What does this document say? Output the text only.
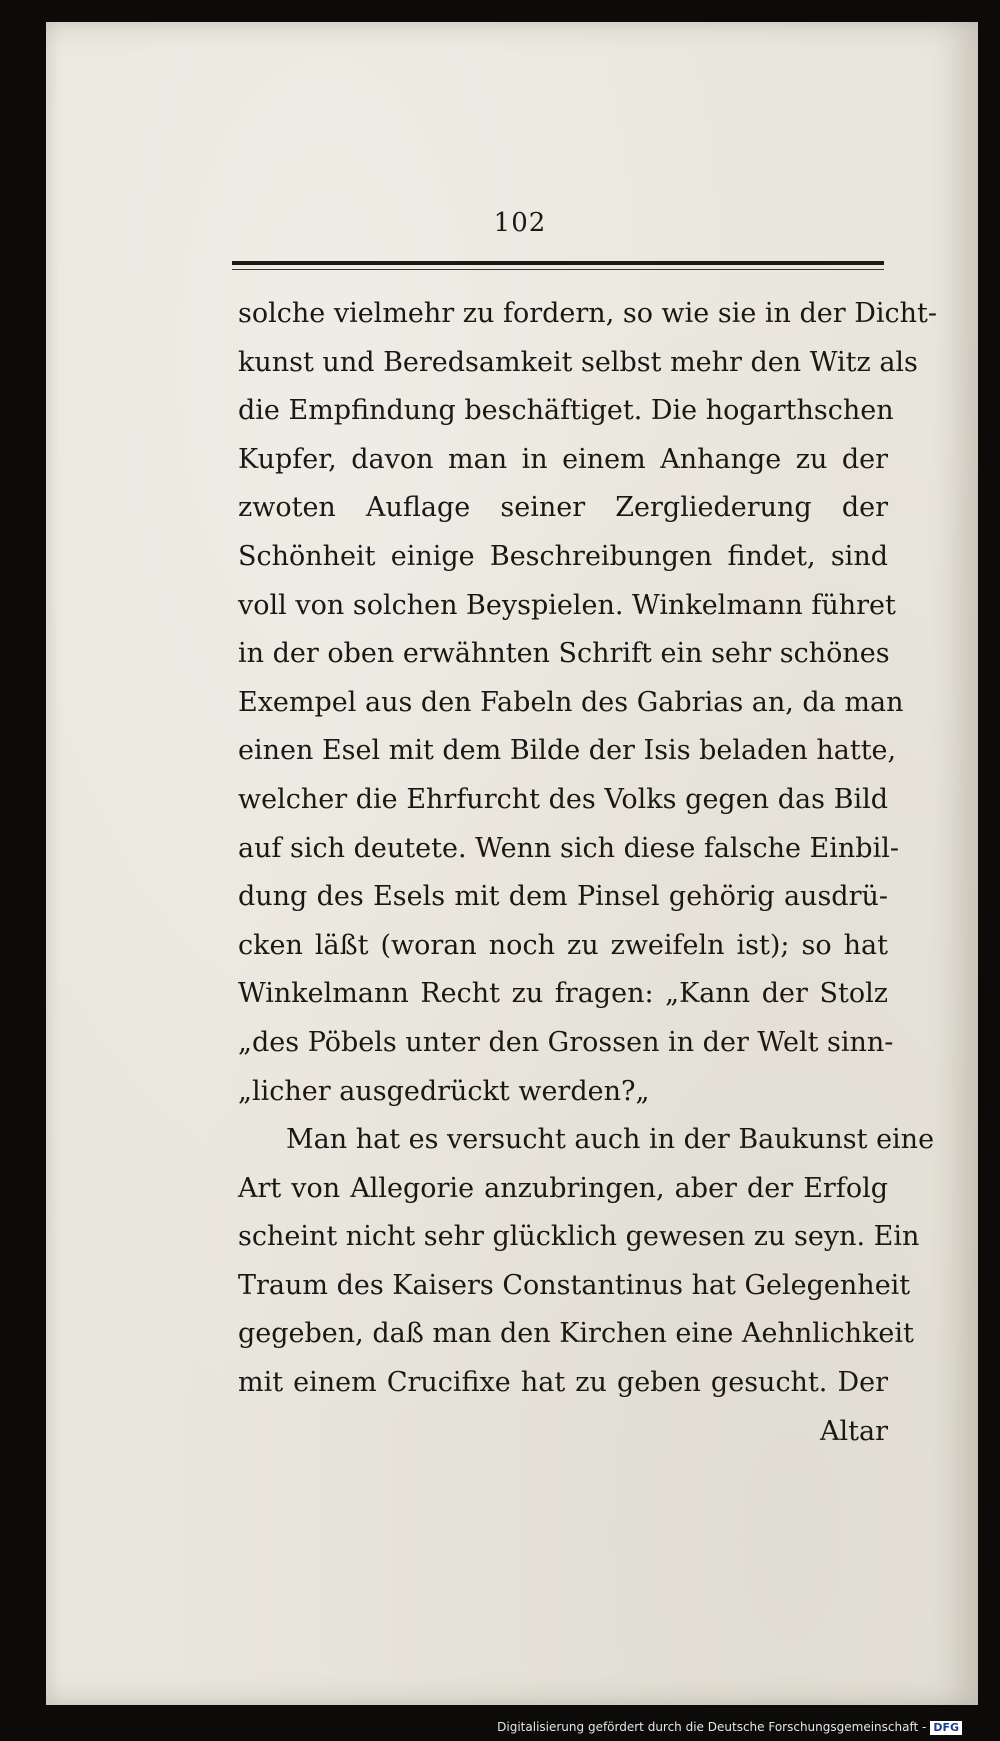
102
solche vielmehr zu fordern, so wie sie in der Dicht-
kunst und Beredsamkeit selbst mehr den Witz als
die Empfindung beschäftiget. Die hogarthschen
Kupfer, davon man in einem Anhange zu der
zwoten Auflage seiner Zergliederung der
Schönheit einige Beschreibungen findet, sind
voll von solchen Beyspielen. Winkelmann führet
in der oben erwähnten Schrift ein sehr schönes
Exempel aus den Fabeln des Gabrias an, da man
einen Esel mit dem Bilde der Isis beladen hatte,
welcher die Ehrfurcht des Volks gegen das Bild
auf sich deutete. Wenn sich diese falsche Einbil-
dung des Esels mit dem Pinsel gehörig ausdrü-
cken läßt (woran noch zu zweifeln ist); so hat
Winkelmann Recht zu fragen: „Kann der Stolz
„des Pöbels unter den Grossen in der Welt sinn-
„licher ausgedrückt werden?„
Man hat es versucht auch in der Baukunst eine
Art von Allegorie anzubringen, aber der Erfolg
scheint nicht sehr glücklich gewesen zu seyn. Ein
Traum des Kaisers Constantinus hat Gelegenheit
gegeben, daß man den Kirchen eine Aehnlichkeit
mit einem Crucifixe hat zu geben gesucht. Der
Altar
Digitalisierung gefördert durch die Deutsche Forschungsgemeinschaft - DFG
